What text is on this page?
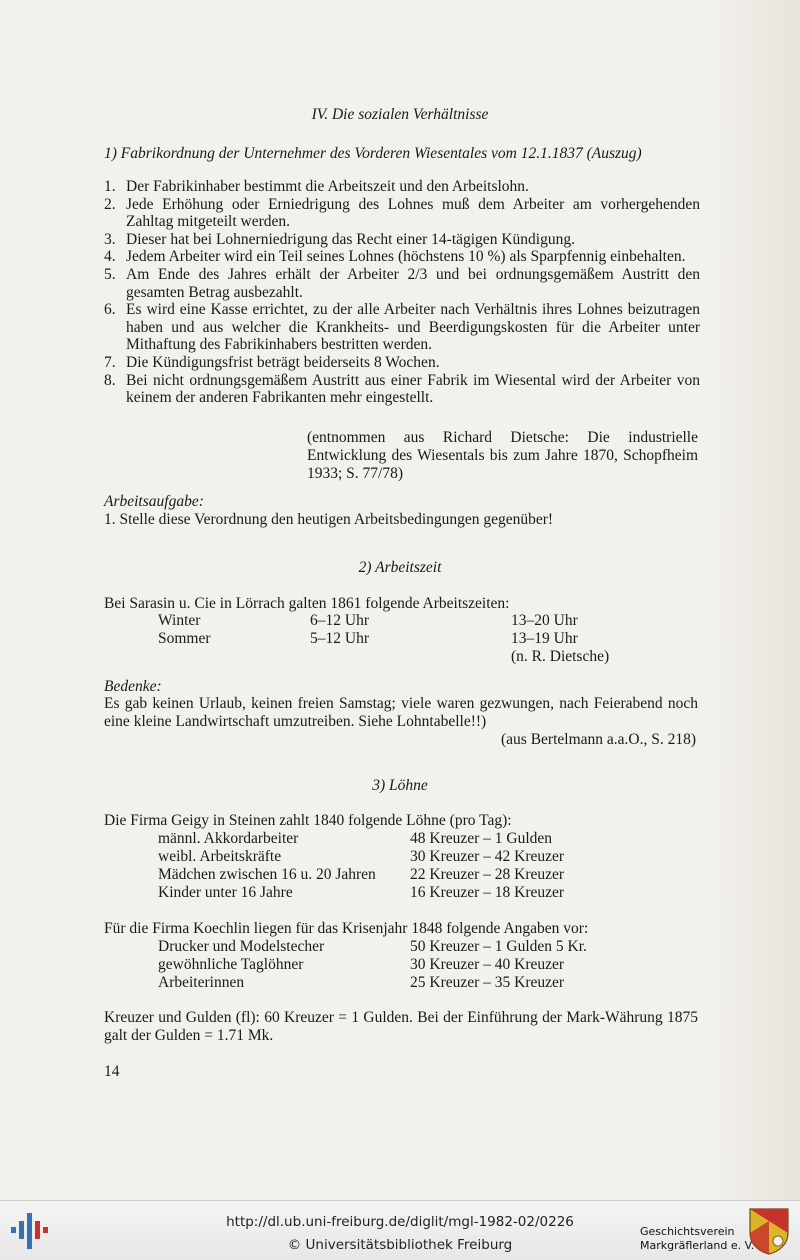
IV. Die sozialen Verhältnisse
1) Fabrikordnung der Unternehmer des Vorderen Wiesentales vom 12.1.1837 (Auszug)
1. Der Fabrikinhaber bestimmt die Arbeitszeit und den Arbeitslohn.
2. Jede Erhöhung oder Erniedrigung des Lohnes muß dem Arbeiter am vorhergehenden Zahltag mitgeteilt werden.
3. Dieser hat bei Lohnerniedrigung das Recht einer 14-tägigen Kündigung.
4. Jedem Arbeiter wird ein Teil seines Lohnes (höchstens 10 %) als Sparpfennig einbehalten.
5. Am Ende des Jahres erhält der Arbeiter 2/3 und bei ordnungsgemäßem Austritt den gesamten Betrag ausbezahlt.
6. Es wird eine Kasse errichtet, zu der alle Arbeiter nach Verhältnis ihres Lohnes beizutragen haben und aus welcher die Krankheits- und Beerdigungskosten für die Arbeiter unter Mithaftung des Fabrikinhabers bestritten werden.
7. Die Kündigungsfrist beträgt beiderseits 8 Wochen.
8. Bei nicht ordnungsgemäßem Austritt aus einer Fabrik im Wiesental wird der Arbeiter von keinem der anderen Fabrikanten mehr eingestellt.
(entnommen aus Richard Dietsche: Die industrielle Entwicklung des Wiesentals bis zum Jahre 1870, Schopfheim 1933; S. 77/78)
Arbeitsaufgabe:
1. Stelle diese Verordnung den heutigen Arbeitsbedingungen gegenüber!
2) Arbeitszeit
Bei Sarasin u. Cie in Lörrach galten 1861 folgende Arbeitszeiten:
Winter	6–12 Uhr	13–20 Uhr
Sommer	5–12 Uhr	13–19 Uhr
(n. R. Dietsche)
Bedenke:
Es gab keinen Urlaub, keinen freien Samstag; viele waren gezwungen, nach Feierabend noch eine kleine Landwirtschaft umzutreiben. Siehe Lohntabelle!!)
(aus Bertelmann a.a.O., S. 218)
3) Löhne
Die Firma Geigy in Steinen zahlt 1840 folgende Löhne (pro Tag):
männl. Akkordarbeiter	48 Kreuzer – 1 Gulden
weibl. Arbeitskräfte	30 Kreuzer – 42 Kreuzer
Mädchen zwischen 16 u. 20 Jahren 22 Kreuzer – 28 Kreuzer
Kinder unter 16 Jahre	16 Kreuzer – 18 Kreuzer
Für die Firma Koechlin liegen für das Krisenjahr 1848 folgende Angaben vor:
Drucker und Modelstecher	50 Kreuzer – 1 Gulden 5 Kr.
gewöhnliche Taglöhner	30 Kreuzer – 40 Kreuzer
Arbeiterinnen	25 Kreuzer – 35 Kreuzer
Kreuzer und Gulden (fl): 60 Kreuzer = 1 Gulden. Bei der Einführung der Mark-Währung 1875 galt der Gulden = 1.71 Mk.
14
http://dl.ub.uni-freiburg.de/diglit/mgl-1982-02/0226
© Universitätsbibliothek Freiburg
Geschichtsverein
Markgräflerland e. V.
